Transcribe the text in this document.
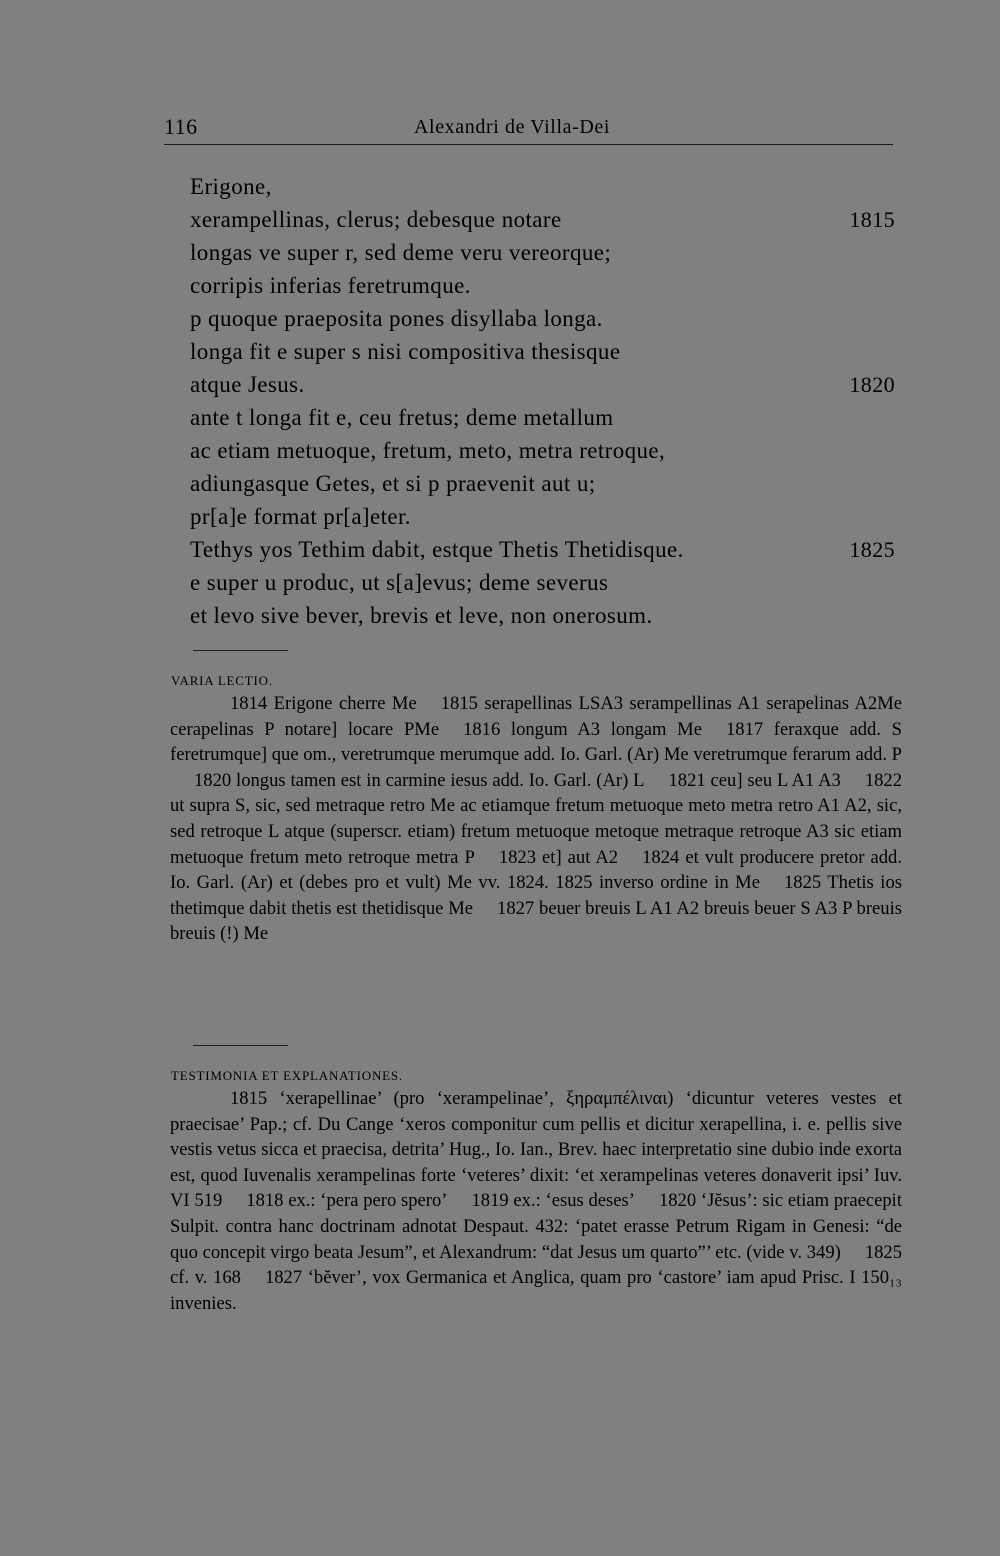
116	Alexandri de Villa-Dei
Erigone,
xerampellinas, clerus; debesque notare	1815
longas ve super r, sed deme veru vereorque;
corripis inferias feretrumque.
p quoque praeposita pones disyllaba longa.
longa fit e super s nisi compositiva thesisque
atque Jesus.	1820
ante t longa fit e, ceu fretus; deme metallum
ac etiam metuoque, fretum, meto, metra retroque,
adiungasque Getes, et si p praevenit aut u;
pr[a]e format pr[a]eter.
Tethys yos Tethim dabit, estque Thetis Thetidisque.	1825
e super u produc, ut s[a]evus; deme severus
et levo sive bever, brevis et leve, non onerosum.
VARIA LECTIO.

1814 Erigone cherre Me 1815 serapellinas LSA3 serampellinas A1 serapelinas A2Me cerapelinas P notare] locare PMe 1816 longum A3 longam Me 1817 feraxque add. S feretrumque] que om., veretrumque merumque add. Io. Garl. (Ar) Me veretrumque ferarum add. P1820 longus tamen est in carmine iesus add. Io. Garl. (Ar) L 1821 ceu] seu L A1 A3 1822 ut supra S, sic, sed metraque retro Me ac etiamque fretum metuoque meto metra retro A1 A2, sic, sed retroque L atque (superscr. etiam) fretum metuoque metoque metraque retroque A3 sic etiam metuoque fretum meto retroque metra P 1823 et] aut A2 1824 et vult producere pretor add. Io. Garl. (Ar) et (debes pro et vult) Me vv. 1824. 1825 inverso ordine in Me 1825 Thetis ios thetimque dabit thetis est thetidisque Me 1827 beuer breuis L A1 A2 breuis beuer S A3 P breuis breuis (!) Me

TESTIMONIA ET EXPLANATIONES.

1815 ‘xerapellinae’ (pro ‘xerampelinae’, ξηραμπέλιναι) ‘dicuntur veteres vestes et praecisae’ Pap.; cf. Du Cange ‘xeros componitur cum pellis et dicitur xerapellina, i. e. pellis sive vestis vetus sicca et praecisa, detrita’ Hug., Io. Ian., Brev. haec interpretatio sine dubio inde exorta est, quod Iuvenalis xerampelinas forte ‘veteres’ dixit: ‘et xerampelinas veteres donaverit ipsi’ Iuv. VI 519 1818 ex.: ‘pera pero spero’ 1819 ex.: ‘esus deses’ 1820 ‘Jĕsus’: sic etiam praecepit Sulpit. contra hanc doctrinam adnotat Despaut. 432: ‘patet erasse Petrum Rigam in Genesi: “de quo concepit virgo beata Jesum”, et Alexandrum: “dat Jesus um quarto”’ etc. (vide v. 349) 1825 cf. v. 168 1827 ‘bĕver’, vox Germanica et Anglica, quam pro ‘castore’ iam apud Prisc. I 150₁₃ invenies.
